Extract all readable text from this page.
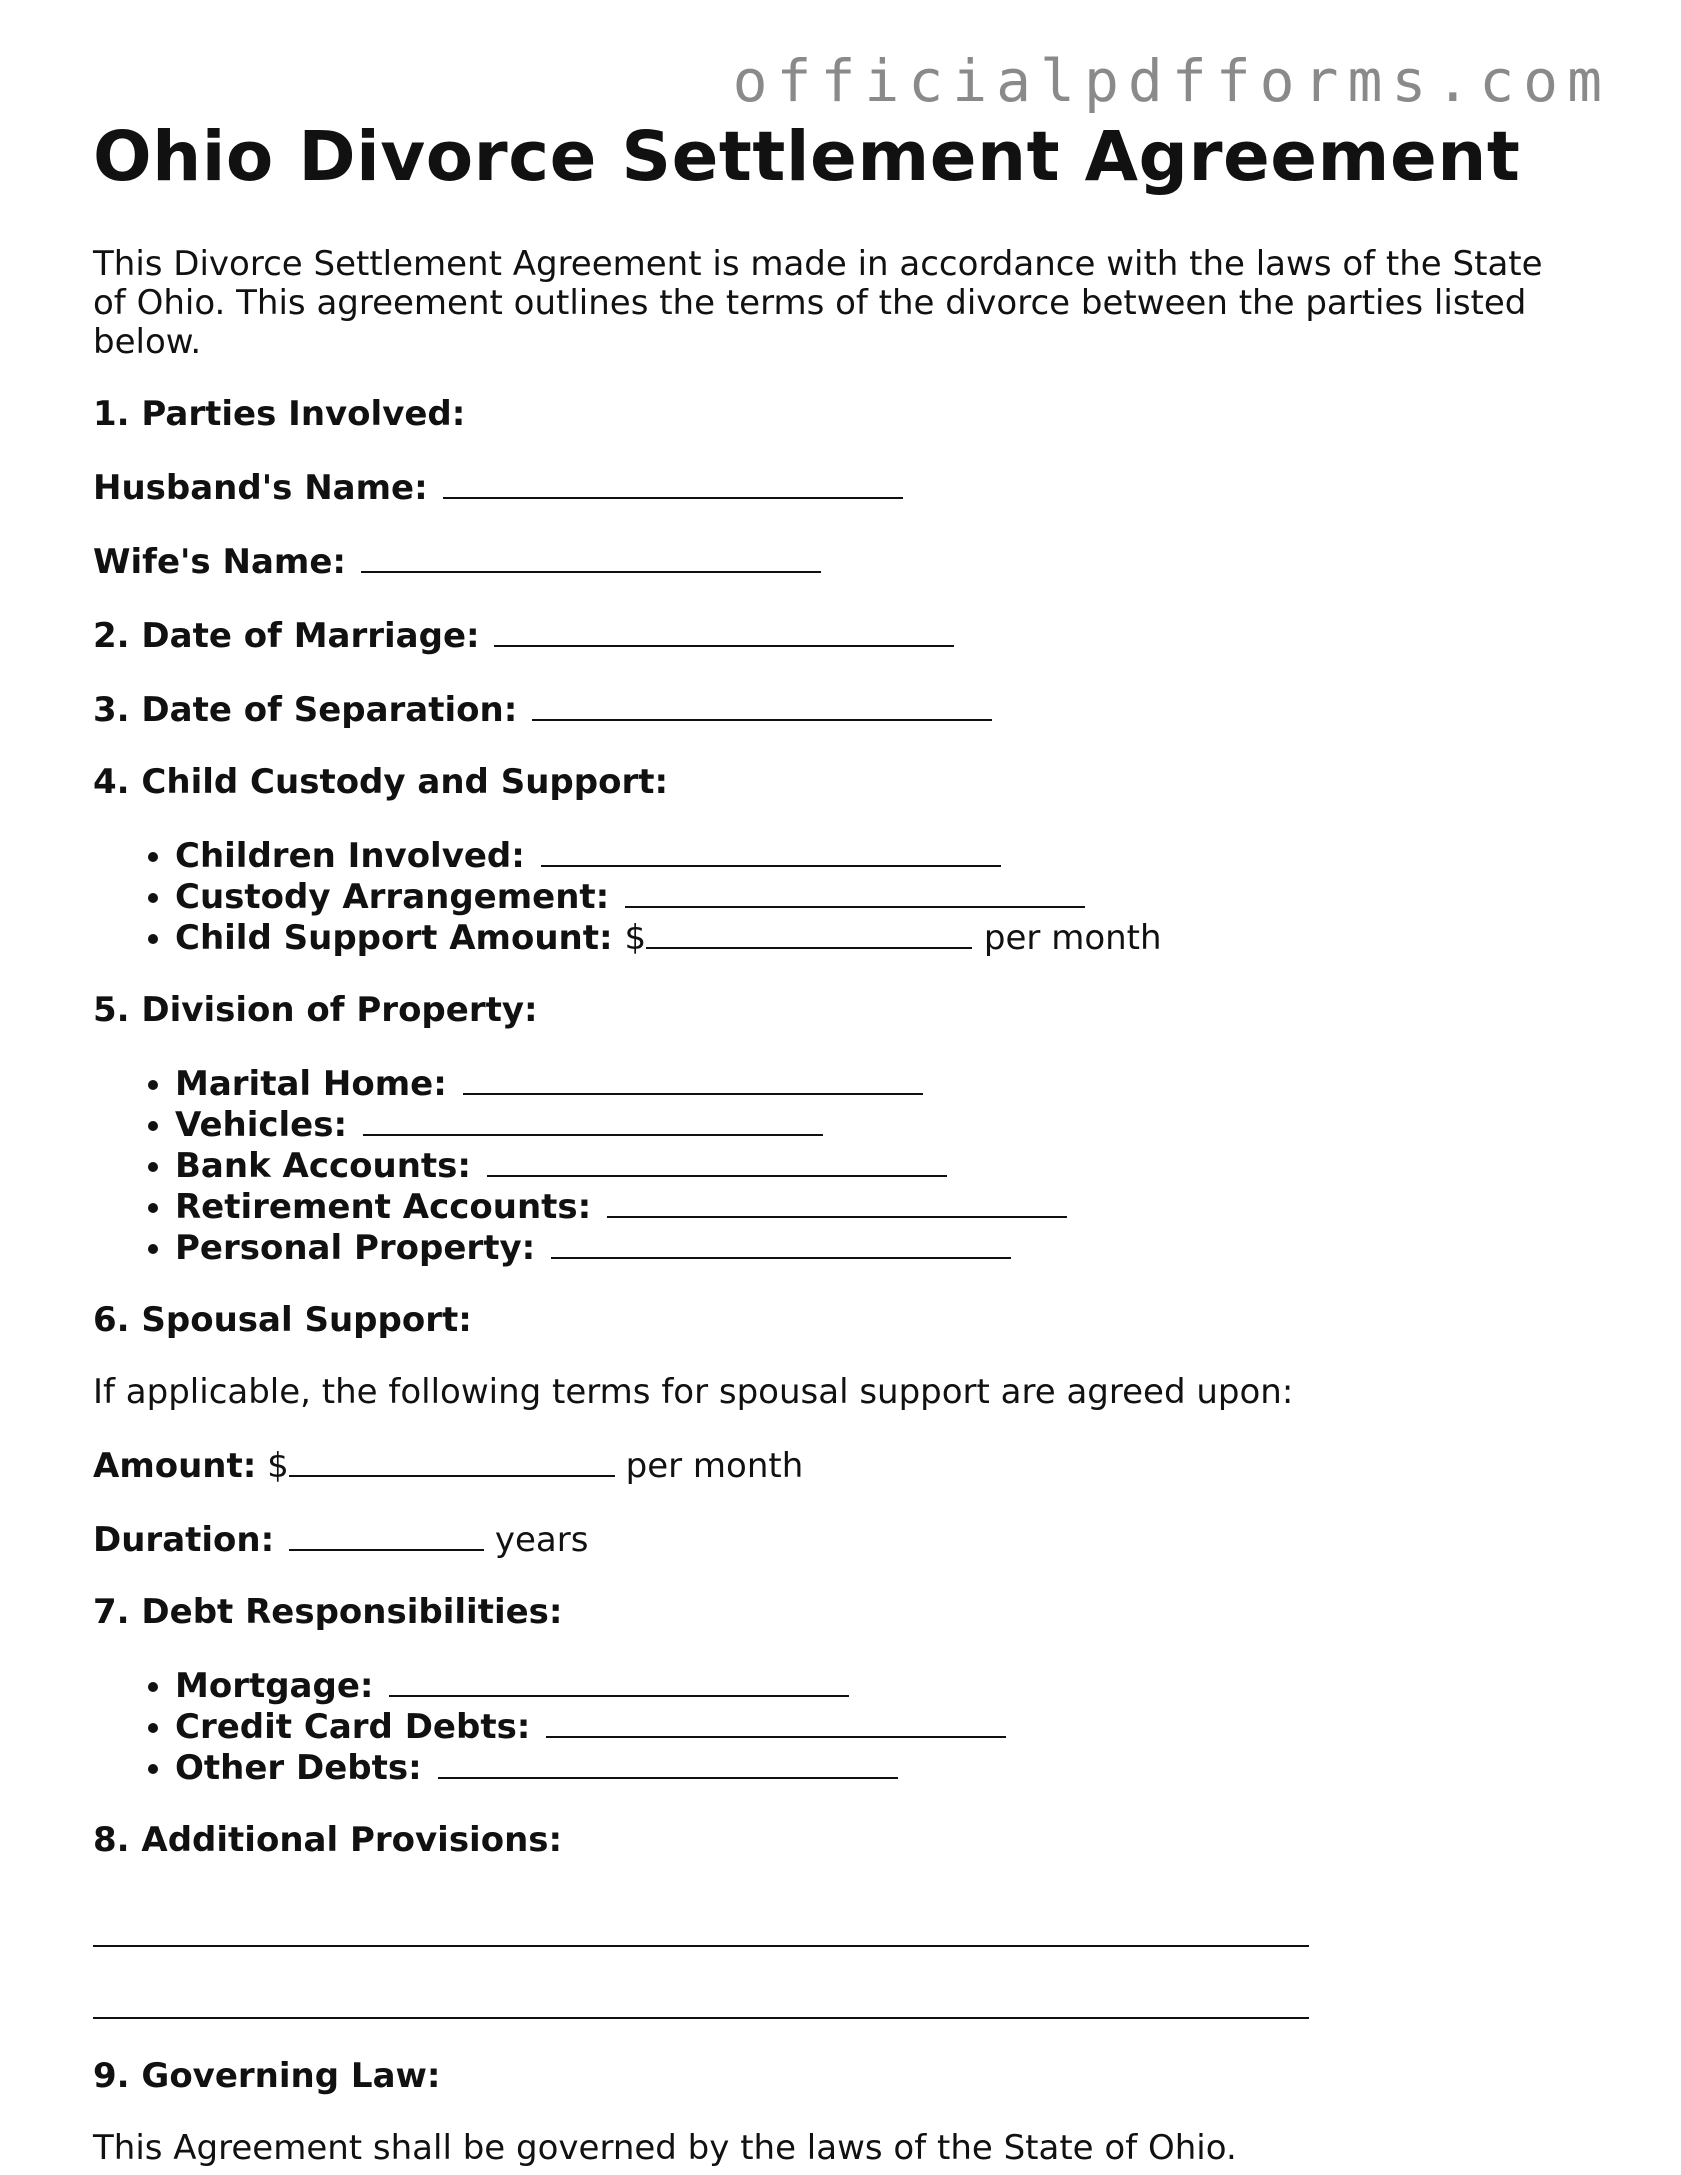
officialpdfforms.com
Ohio Divorce Settlement Agreement

This Divorce Settlement Agreement is made in accordance with the laws of the State of Ohio. This agreement outlines the terms of the divorce between the parties listed below.

1. Parties Involved:

Husband's Name:

Wife's Name:

2. Date of Marriage:

3. Date of Separation:

4. Child Custody and Support:

• Children Involved:
• Custody Arrangement:
• Child Support Amount: $	per month

5. Division of Property:

• Marital Home:
• Vehicles:
• Bank Accounts:
• Retirement Accounts:
• Personal Property:

6. Spousal Support:

If applicable, the following terms for spousal support are agreed upon:

Amount: $	per month

Duration:	years

7. Debt Responsibilities:

• Mortgage:
• Credit Card Debts:
• Other Debts:

8. Additional Provisions:

9. Governing Law:

This Agreement shall be governed by the laws of the State of Ohio.
